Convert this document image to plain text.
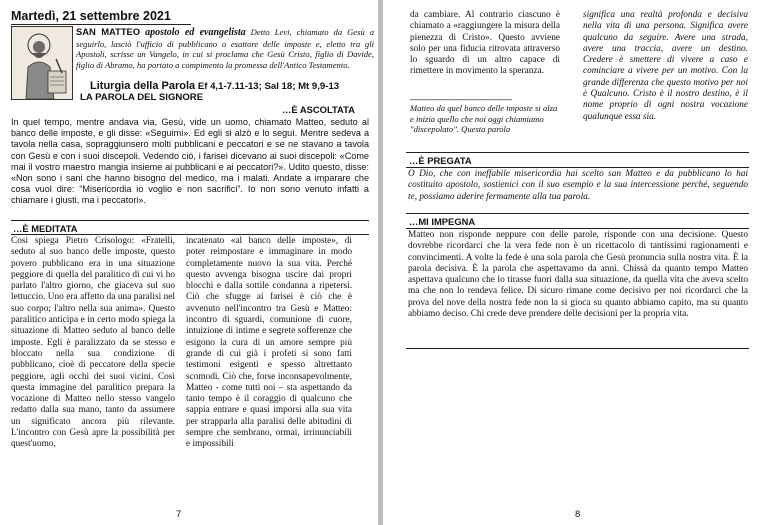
Martedì, 21 settembre 2021

SAN MATTEO apostolo ed evangelista Detto Levi, chiamato da Gesù a seguirlo, lasciò l'ufficio di pubblicano o esattore delle imposte e, eletto tra gli Apostoli, scrisse un Vangelo, in cui si proclama che Gesù Cristo, figlio di Davide, figlio di Abramo, ha portato a compimento la promessa dell'Antico Testamento.

Liturgia della Parola Ef 4,1-7.11-13; Sal 18; Mt 9,9-13

LA PAROLA DEL SIGNORE

…È ASCOLTATA

In quel tempo, mentre andava via, Gesù, vide un uomo, chiamato Matteo, seduto al banco delle imposte, e gli disse: «Seguimi». Ed egli si alzò e lo seguì. Mentre sedeva a tavola nella casa, sopraggiunsero molti pubblicani e peccatori e se ne stavano a tavola con Gesù e con i suoi discepoli. Vedendo ciò, i farisei dicevano ai suoi discepoli: «Come mai il vostro maestro mangia insieme ai pubblicani e ai peccatori?». Udito questo, disse: «Non sono i sani che hanno bisogno del medico, ma i malati. Andate a imparare che cosa vuol dire: “Misericordia io voglio e non sacrifici”. Io non sono venuto infatti a chiamare i giusti, ma i peccatori».

…È MEDITATA

Così spiega Pietro Crisologo: «Fratelli, seduto al suo banco delle imposte, questo povero pubblicano era in una situazione peggiore di quella del paralitico di cui vi ho parlato l'altro giorno, che giaceva sul suo lettuccio. Uno era affetto da una paralisi nel suo corpo; l'altro nella sua anima». Questo paralitico anticipa e in certo modo spiega la situazione di Matteo seduto al banco delle imposte. Egli è paralizzato da se stesso e bloccato nella sua condizione di pubblicano, cioè di peccatore della specie peggiore, agli occhi dei suoi vicini. Così questa immagine del paralitico prepara la vocazione di Matteo nello stesso vangelo redatto dalla sua mano, tanto da assumere un significato ancora più rilevante. L'incontro con Gesù apre la possibilità per quest'uomo,

incatenato «al banco delle imposte», di poter reimpostare e immaginare in modo completamente nuovo la sua vita. Perché questo avvenga bisogna uscire dai propri blocchi e dalla sottile condanna a ripetersi. Ciò che sfugge ai farisei è ciò che è avvenuto nell'incontro tra Gesù e Matteo: incontro di sguardi, comunione di cuore, intuizione di intime e segrete sofferenze che esigono la cura di un amore sempre più grande di cui già i profeti si sono fatti testimoni esigenti e spesso altrettanto scomodi. Ciò che, forse inconsapevolmente, Matteo - come tutti noi – sta aspettando da tanto tempo è il coraggio di qualcuno che sappia entrare e quasi imporsi alla sua vita per strapparla alla paralisi delle abitudini di sempre che sembrano, ormai, irrinunciabili e impossibili

7

da cambiare. Al contrario ciascuno è chiamato a «raggiungere la misura della pienezza di Cristo». Questo avviene solo per una fiducia ritrovata attraverso lo sguardo di un altro capace di rimettere in movimento la speranza.

-----------------------------------------------

Matteo da quel banco delle imposte si alza e inizia quello che noi oggi chiamiamo "discepolato". Questa parola

significa una realtà profonda e decisiva nella vita di una persona. Significa avere qualcuno da seguire. Avere una strada, avere una traccia, avere un destino. Credere è smettere di vivere a caso e cominciare a vivere per un motivo. Con la grande differenza che questo motivo per noi è Qualcuno. Cristo è il nostro destino, è il nome proprio di ogni nostra vocazione qualunque essa sia.

…È PREGATA

O Dio, che con ineffabile misericordia hai scelto san Matteo e da pubblicano lo hai costituito apostolo, sostienici con il suo esempio e la sua intercessione perché, seguendo te, possiamo aderire fermamente alla tua parola.

…MI IMPEGNA

Matteo non risponde neppure con delle parole, risponde con una decisione. Questo dovrebbe ricordarci che la vera fede non è un ricettacolo di tantissimi ragionamenti e convincimenti. A volte la fede è una sola parola che Gesù pronuncia sulla nostra vita. È la parola decisiva. È la parola che aspettavamo da anni. Chissà da quanto tempo Matteo aspettava qualcuno che lo tirasse fuori dalla sua situazione, da quella vita che aveva scelto ma che non lo rendeva felice. Di sicuro rimane come decisivo per noi ricordarci che la prova del nove della nostra fede non la si gioca su quanto abbiamo capito, ma su quanto abbiamo deciso. Chi crede deve prendere delle decisioni per la propria vita.

8
